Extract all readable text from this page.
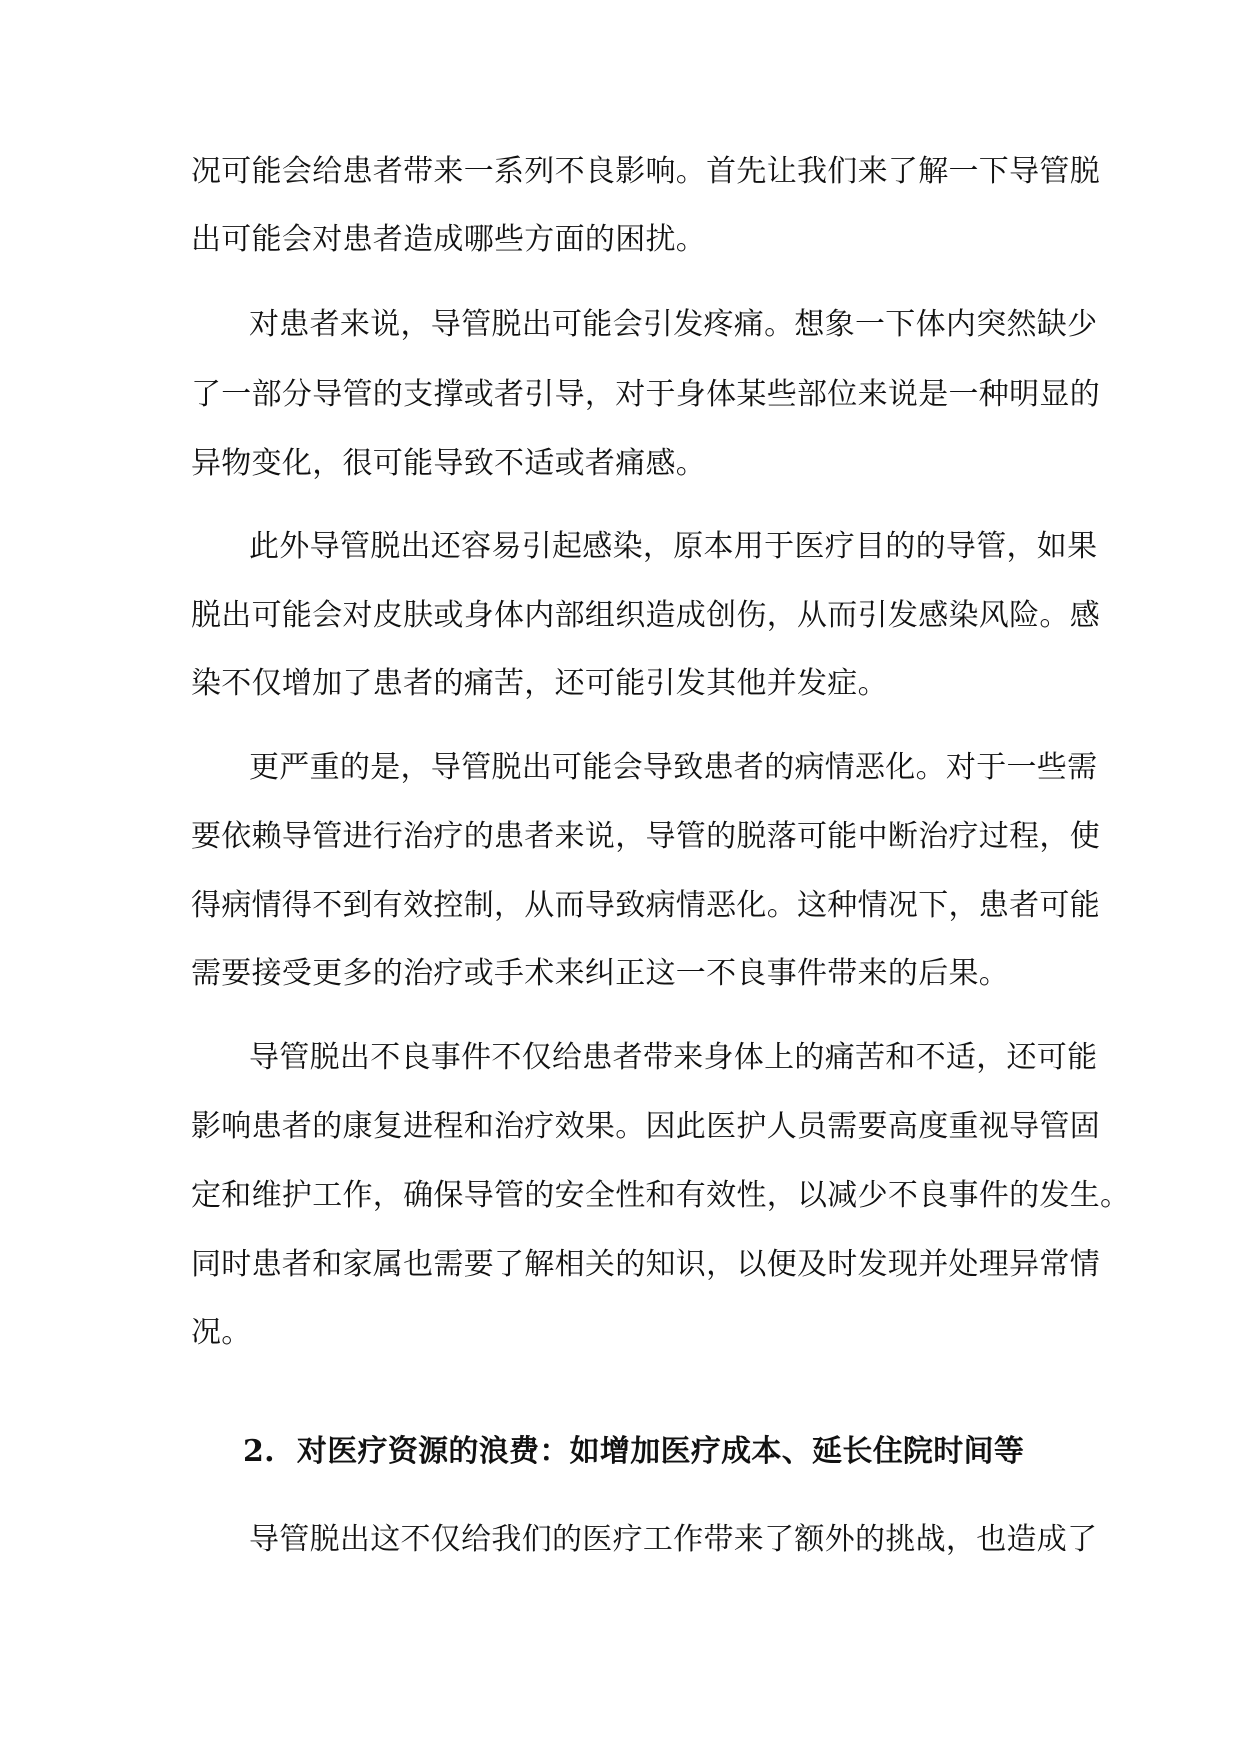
况可能会给患者带来一系列不良影响。首先让我们来了解一下导管脱
出可能会对患者造成哪些方面的困扰。
对患者来说，导管脱出可能会引发疼痛。想象一下体内突然缺少
了一部分导管的支撑或者引导，对于身体某些部位来说是一种明显的
异物变化，很可能导致不适或者痛感。
此外导管脱出还容易引起感染，原本用于医疗目的的导管，如果
脱出可能会对皮肤或身体内部组织造成创伤，从而引发感染风险。感
染不仅增加了患者的痛苦，还可能引发其他并发症。
更严重的是，导管脱出可能会导致患者的病情恶化。对于一些需
要依赖导管进行治疗的患者来说，导管的脱落可能中断治疗过程，使
得病情得不到有效控制，从而导致病情恶化。这种情况下，患者可能
需要接受更多的治疗或手术来纠正这一不良事件带来的后果。
导管脱出不良事件不仅给患者带来身体上的痛苦和不适，还可能
影响患者的康复进程和治疗效果。因此医护人员需要高度重视导管固
定和维护工作，确保导管的安全性和有效性，以减少不良事件的发生。
同时患者和家属也需要了解相关的知识，以便及时发现并处理异常情
况。
2. 对医疗资源的浪费：如增加医疗成本、延长住院时间等
导管脱出这不仅给我们的医疗工作带来了额外的挑战，也造成了
